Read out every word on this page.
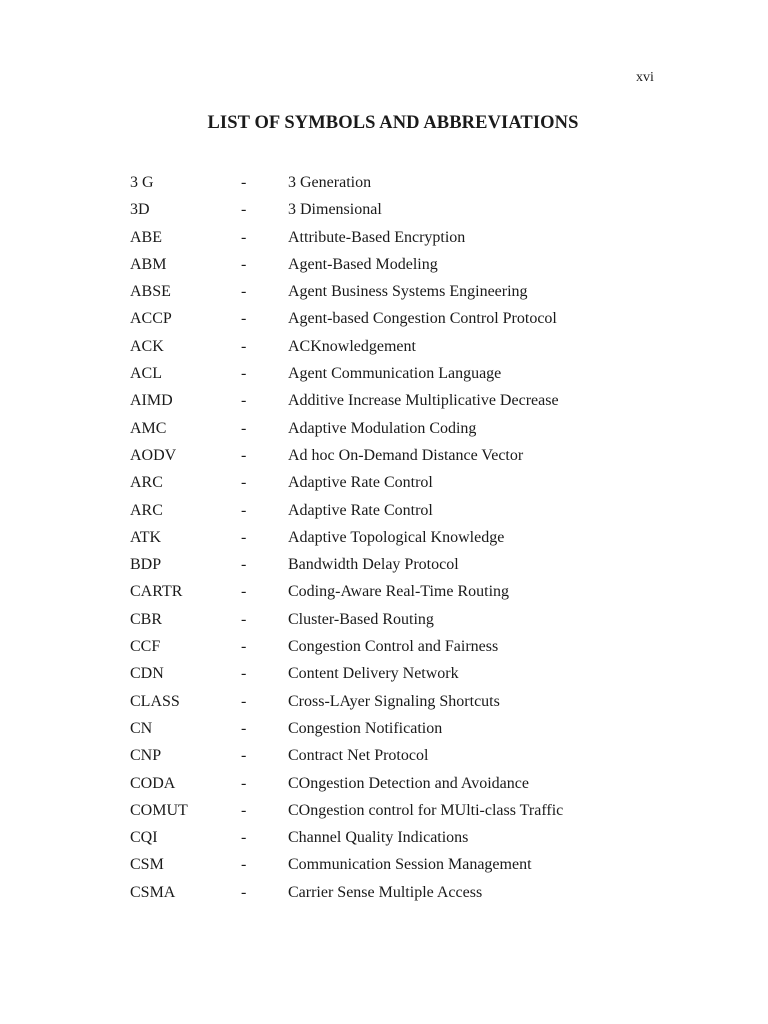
xvi
LIST OF SYMBOLS AND ABBREVIATIONS
3 G	-	3 Generation
3D	-	3 Dimensional
ABE	-	Attribute-Based Encryption
ABM	-	Agent-Based Modeling
ABSE	-	Agent Business Systems Engineering
ACCP	-	Agent-based Congestion Control Protocol
ACK	-	ACKnowledgement
ACL	-	Agent Communication Language
AIMD	-	Additive Increase Multiplicative Decrease
AMC	-	Adaptive Modulation Coding
AODV	-	Ad hoc On-Demand Distance Vector
ARC	-	Adaptive Rate Control
ARC	-	Adaptive Rate Control
ATK	-	Adaptive Topological Knowledge
BDP	-	Bandwidth Delay Protocol
CARTR	-	Coding-Aware Real-Time Routing
CBR	-	Cluster-Based Routing
CCF	-	Congestion Control and Fairness
CDN	-	Content Delivery Network
CLASS	-	Cross-LAyer Signaling Shortcuts
CN	-	Congestion Notification
CNP	-	Contract Net Protocol
CODA	-	COngestion Detection and Avoidance
COMUT	-	COngestion control for MUlti-class Traffic
CQI	-	Channel Quality Indications
CSM	-	Communication Session Management
CSMA	-	Carrier Sense Multiple Access
